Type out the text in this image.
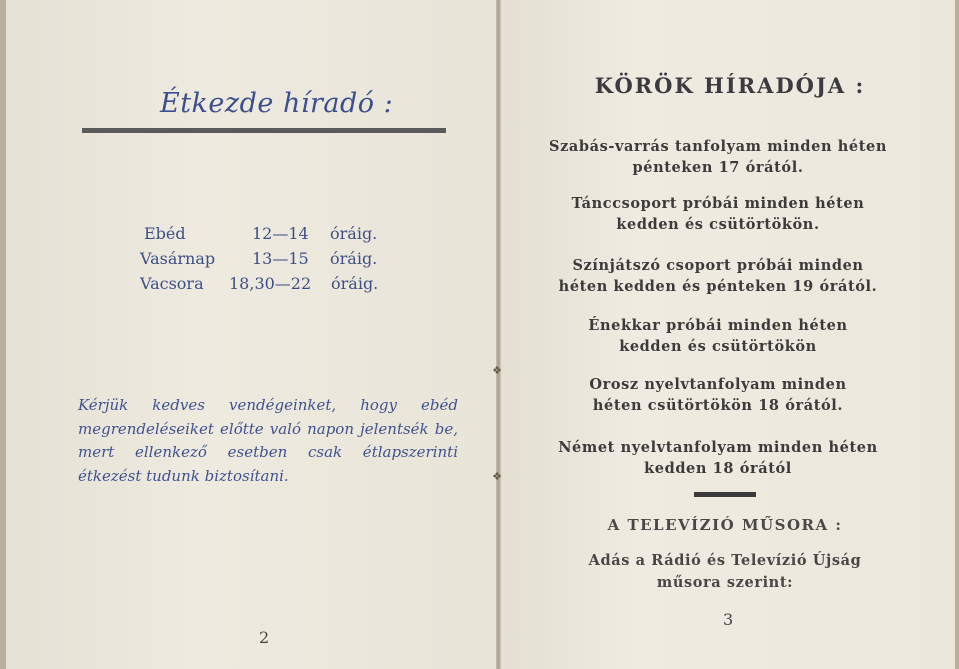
❖
❖
Étkezde híradó :
Ebéd	12—14 óráig.
Vasárnap 13—15 óráig.
Vacsora 18,30—22 óráig.
Kérjük kedves vendégeinket, hogy ebéd megrendeléseiket előtte való napon jelentsék be, mert ellenkező esetben csak étlapszerinti étkezést tudunk biztosítani.
2
KÖRÖK HÍRADÓJA :
Szabás-varrás tanfolyam minden héten
pénteken 17 órától.
Tánccsoport próbái minden héten
kedden és csütörtökön.
Színjátszó csoport próbái minden
héten kedden és pénteken 19 órától.
Énekkar próbái minden héten
kedden és csütörtökön
Orosz nyelvtanfolyam minden
héten csütörtökön 18 órától.
Német nyelvtanfolyam minden héten
kedden 18 órától
A TELEVÍZIÓ MŰSORA :
Adás a Rádió és Televízió Újság
műsora szerint:
3
